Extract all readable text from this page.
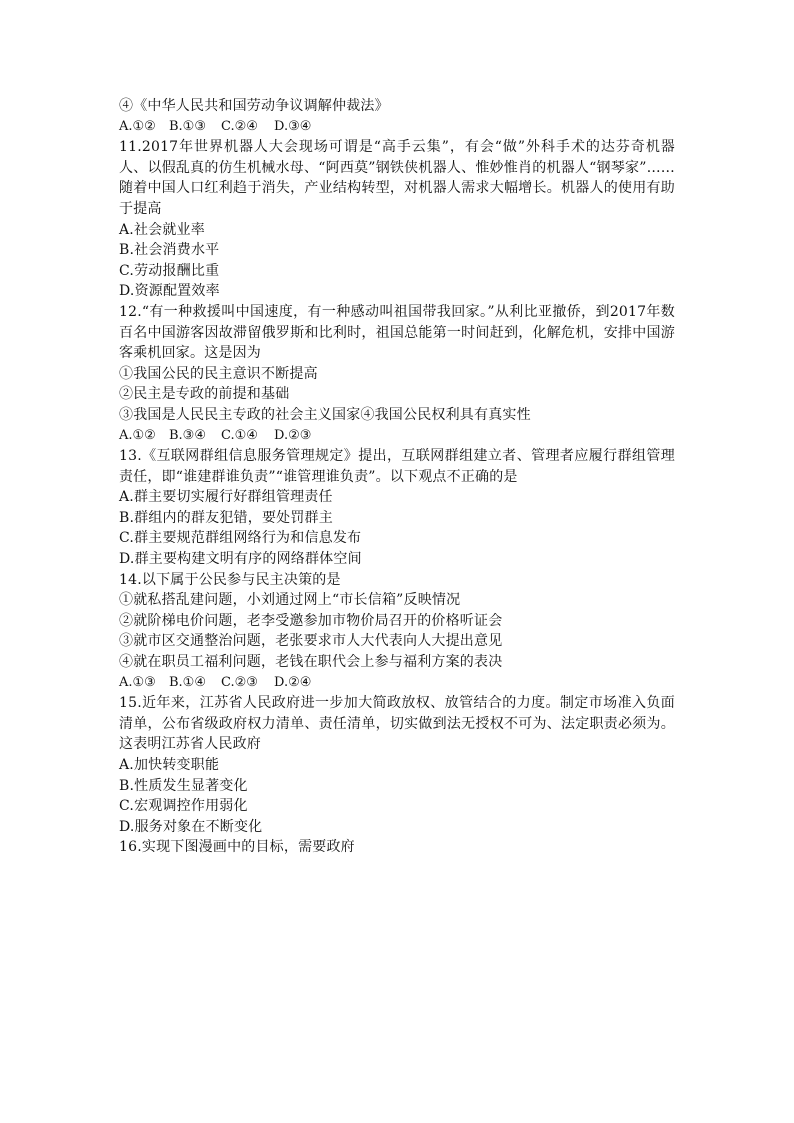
④《中华人民共和国劳动争议调解仲裁法》
A.①②	B.①③	C.②④	D.③④
11.2017年世界机器人大会现场可谓是“高手云集”，有会“做”外科手术的达芬奇机器人、以假乱真的仿生机械水母、“阿西莫”钢铁侠机器人、惟妙惟肖的机器人“钢琴家”……随着中国人口红利趋于消失，产业结构转型，对机器人需求大幅增长。机器人的使用有助于提高
A.社会就业率
B.社会消费水平
C.劳动报酬比重
D.资源配置效率
12.“有一种救援叫中国速度，有一种感动叫祖国带我回家。”从利比亚撤侨，到2017年数百名中国游客因故滞留俄罗斯和比利时，祖国总能第一时间赶到，化解危机，安排中国游客乘机回家。这是因为
①我国公民的民主意识不断提高
②民主是专政的前提和基础
③我国是人民民主专政的社会主义国家④我国公民权利具有真实性
A.①②	B.③④	C.①④	D.②③
13.《互联网群组信息服务管理规定》提出，互联网群组建立者、管理者应履行群组管理责任，即“谁建群谁负责”“谁管理谁负责”。以下观点不正确的是
A.群主要切实履行好群组管理责任
B.群组内的群友犯错，要处罚群主
C.群主要规范群组网络行为和信息发布
D.群主要构建文明有序的网络群体空间
14.以下属于公民参与民主决策的是
①就私搭乱建问题，小刘通过网上“市长信箱”反映情况
②就阶梯电价问题，老李受邀参加市物价局召开的价格听证会
③就市区交通整治问题，老张要求市人大代表向人大提出意见
④就在职员工福利问题，老钱在职代会上参与福利方案的表决
A.①③	B.①④	C.②③	D.②④
15.近年来，江苏省人民政府进一步加大简政放权、放管结合的力度。制定市场准入负面清单，公布省级政府权力清单、责任清单，切实做到法无授权不可为、法定职责必须为。这表明江苏省人民政府
A.加快转变职能
B.性质发生显著变化
C.宏观调控作用弱化
D.服务对象在不断变化
16.实现下图漫画中的目标，需要政府
